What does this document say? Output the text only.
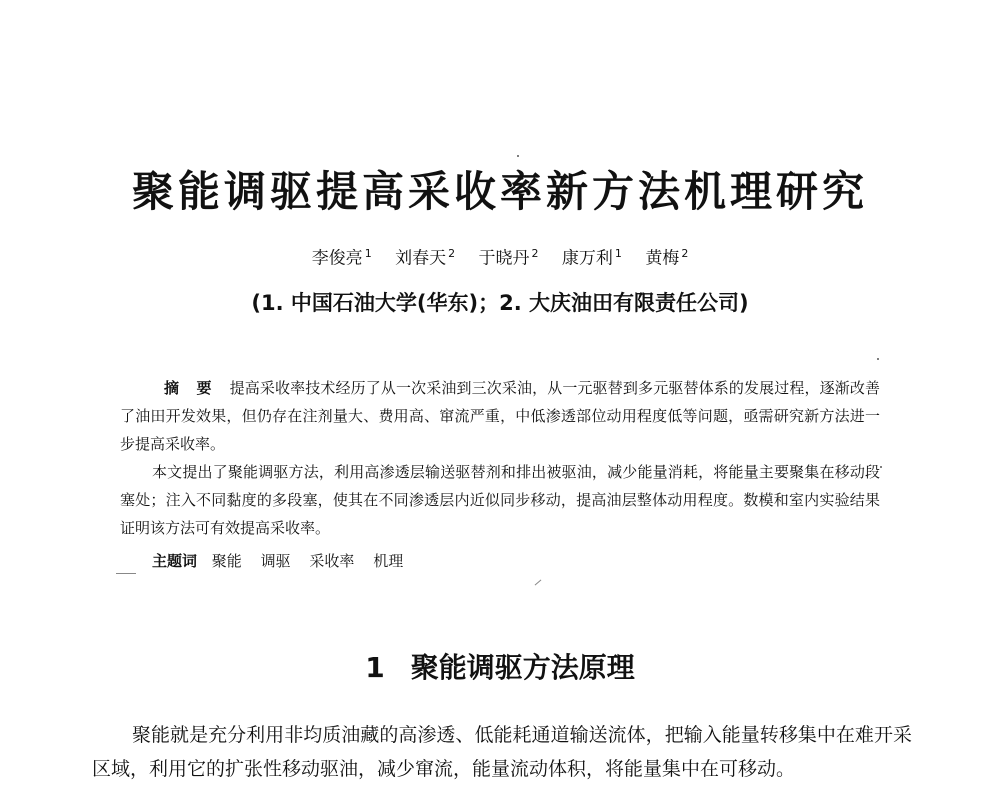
聚能调驱提高采收率新方法机理研究
李俊亮 $^1$ 刘春天 $^2$ 于晓丹 $^2$ 康万利 $^1$ 黄梅 $^2$
(1. 中国石油大学(华东)；2. 大庆油田有限责任公司)

摘 要 提高采收率技术经历了从一次采油到三次采油，从一元驱替到多元驱替体系的发展过程，逐渐改善了油田开发效果，但仍存在注剂量大、费用高、窜流严重，中低渗透部位动用程度低等问题，亟需研究新方法进一步提高采收率。

本文提出了聚能调驱方法，利用高渗透层输送驱替剂和排出被驱油，减少能量消耗，将能量主要聚集在移动段塞处；注入不同黏度的多段塞，使其在不同渗透层内近似同步移动，提高油层整体动用程度。数模和室内实验结果证明该方法可有效提高采收率。

主题词 聚能 调驱 采收率 机理
1 聚能调驱方法原理

聚能就是充分利用非均质油藏的高渗透、低能耗通道输送流体，把输入能量转移集中在难开采区域，利用它的扩张性移动驱油，减少窜流，能量流动体积，将能量集中在可移动。
